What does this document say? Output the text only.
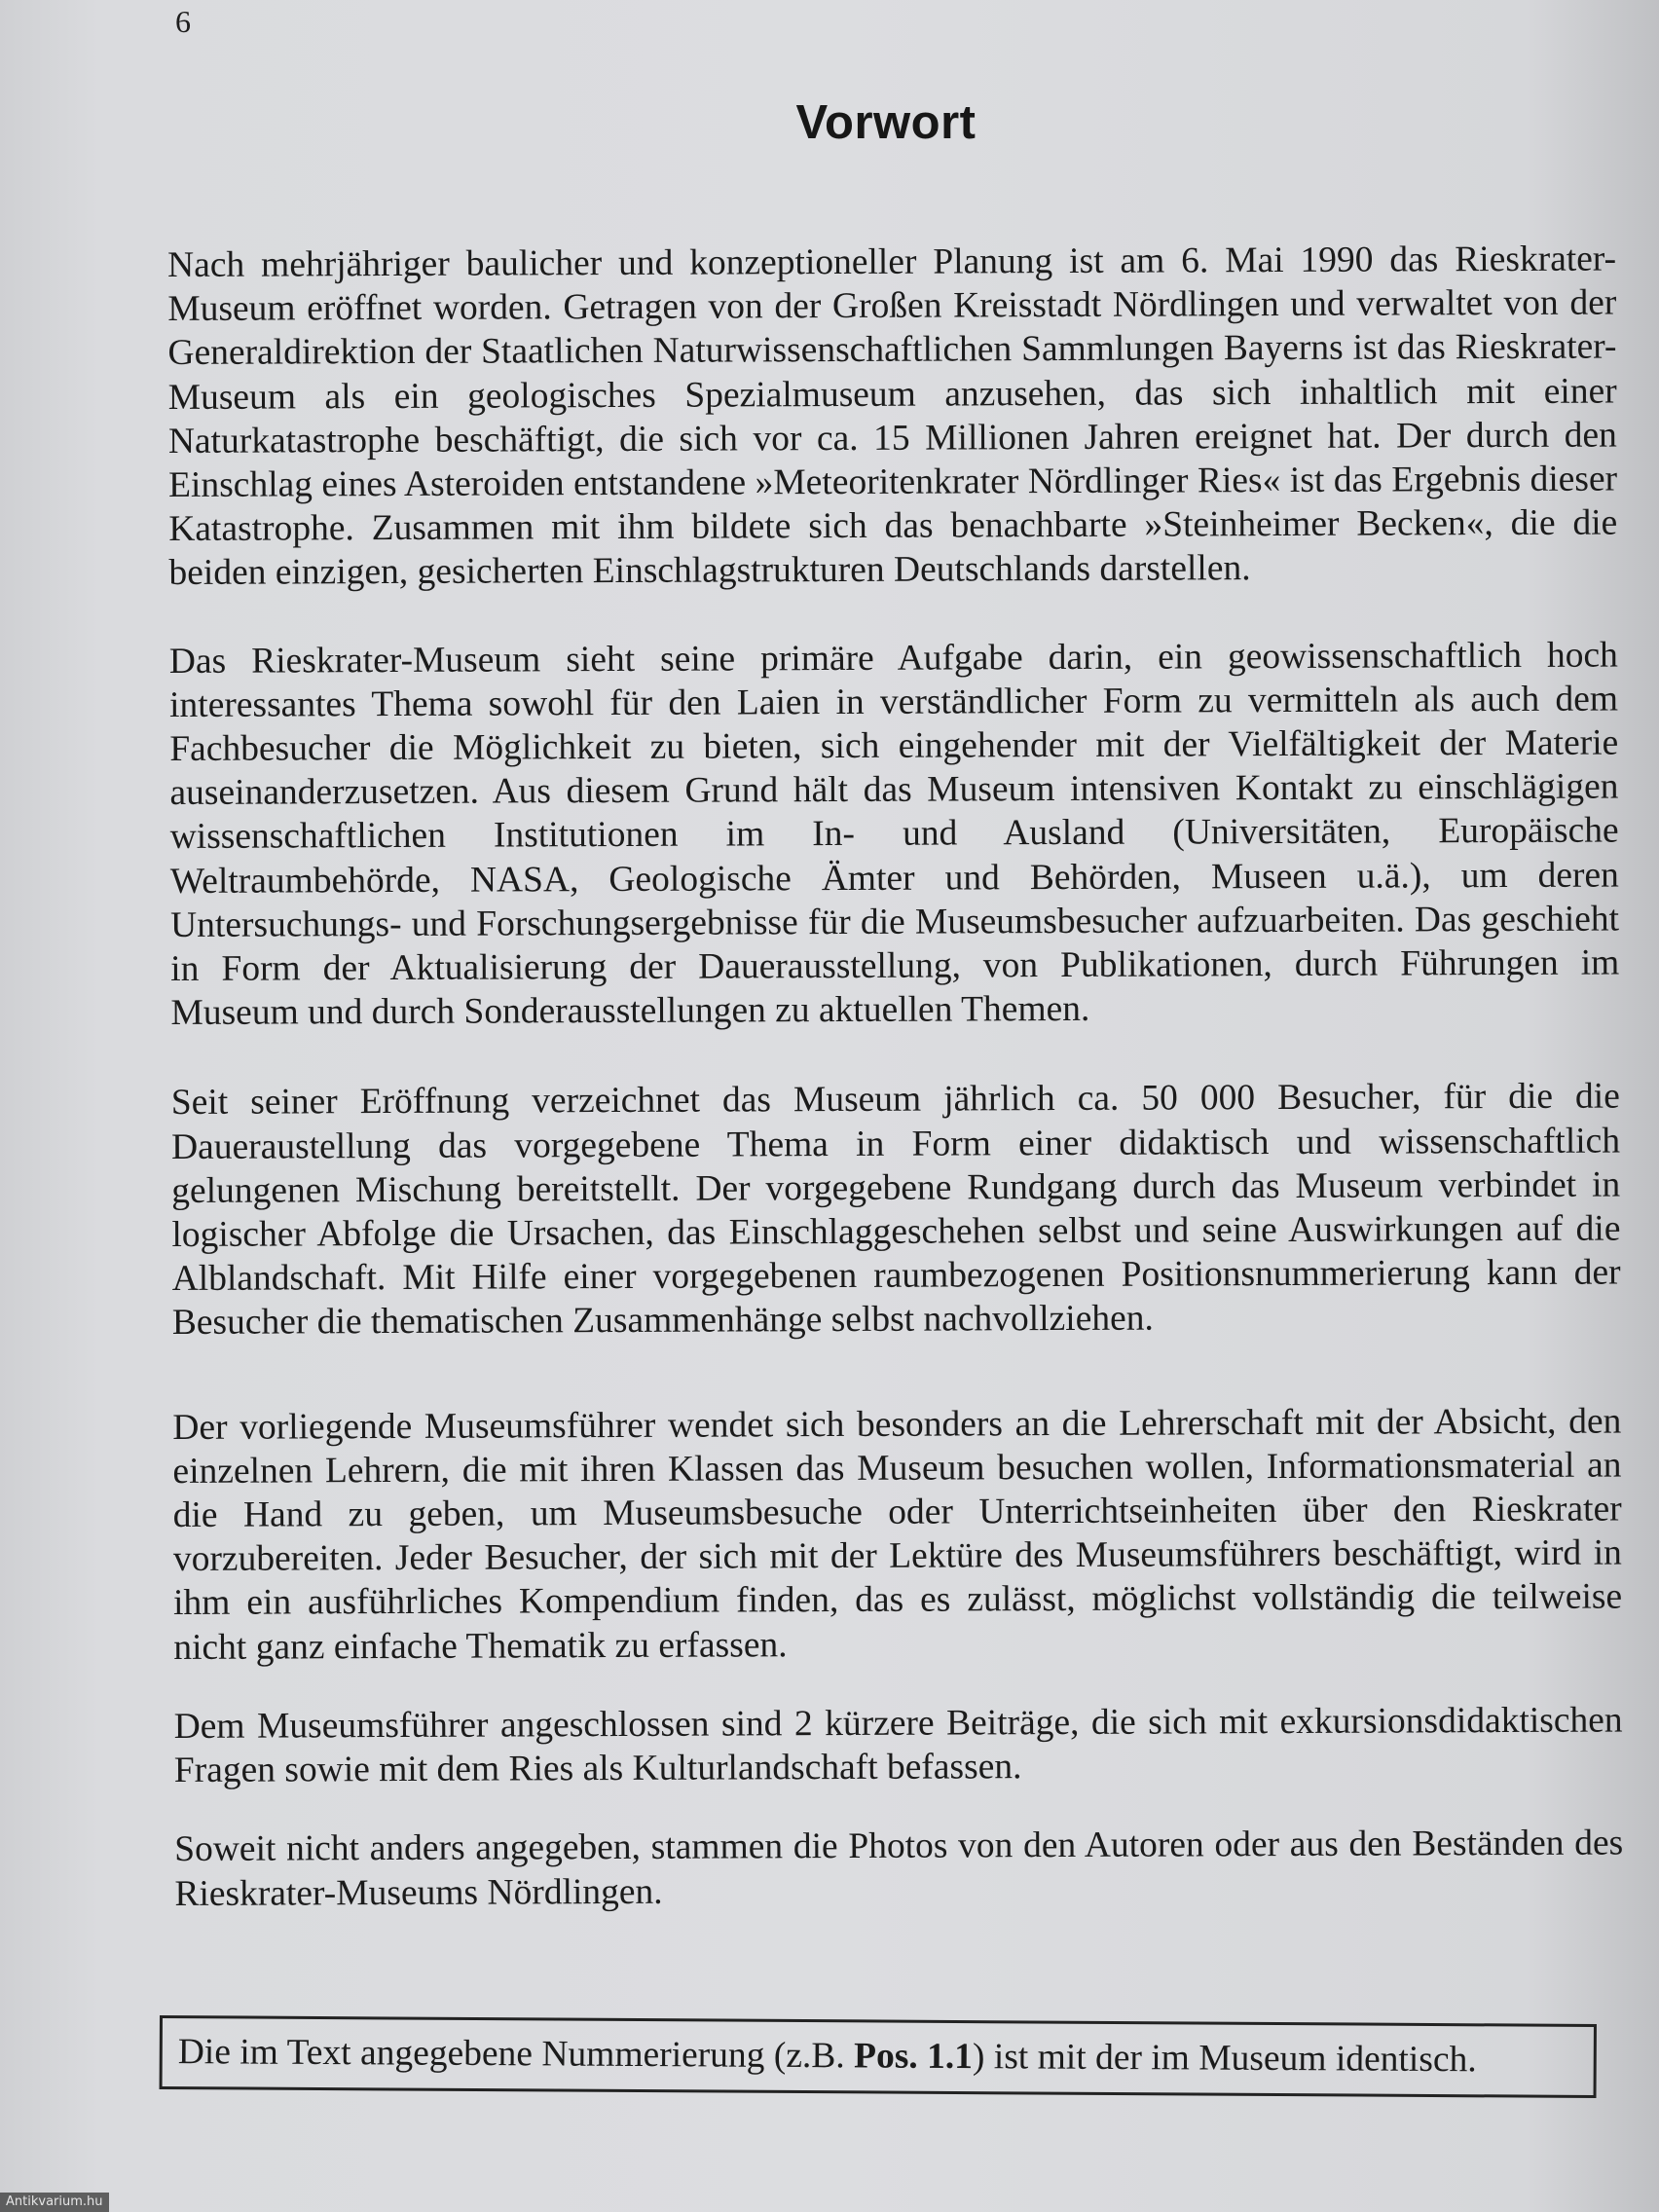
6
Vorwort

Nach mehrjähriger baulicher und konzeptioneller Planung ist am 6. Mai 1990 das Rieskrater-Museum eröffnet worden. Getragen von der Großen Kreisstadt Nördlingen und verwaltet von der Generaldirektion der Staatlichen Naturwissenschaftlichen Sammlungen Bayerns ist das Rieskrater-Museum als ein geologisches Spezialmuseum anzusehen, das sich inhaltlich mit einer Naturkatastrophe beschäftigt, die sich vor ca. 15 Millionen Jahren ereignet hat. Der durch den Einschlag eines Asteroiden entstandene »Meteoritenkrater Nördlinger Ries« ist das Ergebnis dieser Katastrophe. Zusammen mit ihm bildete sich das benachbarte »Steinheimer Becken«, die die beiden einzigen, gesicherten Einschlagstrukturen Deutschlands darstellen.

Das Rieskrater-Museum sieht seine primäre Aufgabe darin, ein geowissenschaftlich hoch interessantes Thema sowohl für den Laien in verständlicher Form zu vermitteln als auch dem Fachbesucher die Möglichkeit zu bieten, sich eingehender mit der Vielfältigkeit der Materie auseinanderzusetzen. Aus diesem Grund hält das Museum intensiven Kontakt zu einschlägigen wissenschaftlichen Institutionen im In- und Ausland (Universitäten, Europäische Weltraumbehörde, NASA, Geologische Ämter und Behörden, Museen u.ä.), um deren Untersuchungs- und Forschungsergebnisse für die Museumsbesucher aufzuarbeiten. Das geschieht in Form der Aktualisierung der Dauerausstellung, von Publikationen, durch Führungen im Museum und durch Sonderausstellungen zu aktuellen Themen.

Seit seiner Eröffnung verzeichnet das Museum jährlich ca. 50 000 Besucher, für die die Daueraustellung das vorgegebene Thema in Form einer didaktisch und wissenschaftlich gelungenen Mischung bereitstellt. Der vorgegebene Rundgang durch das Museum verbindet in logischer Abfolge die Ursachen, das Einschlaggeschehen selbst und seine Auswirkungen auf die Alblandschaft. Mit Hilfe einer vorgegebenen raumbezogenen Positionsnummerierung kann der Besucher die thematischen Zusammenhänge selbst nachvollziehen.

Der vorliegende Museumsführer wendet sich besonders an die Lehrerschaft mit der Absicht, den einzelnen Lehrern, die mit ihren Klassen das Museum besuchen wollen, Informationsmaterial an die Hand zu geben, um Museumsbesuche oder Unterrichtseinheiten über den Rieskrater vorzubereiten. Jeder Besucher, der sich mit der Lektüre des Museumsführers beschäftigt, wird in ihm ein ausführliches Kompendium finden, das es zulässt, möglichst vollständig die teilweise nicht ganz einfache Thematik zu erfassen.

Dem Museumsführer angeschlossen sind 2 kürzere Beiträge, die sich mit exkursionsdidaktischen Fragen sowie mit dem Ries als Kulturlandschaft befassen.

Soweit nicht anders angegeben, stammen die Photos von den Autoren oder aus den Beständen des Rieskrater-Museums Nördlingen.

Die im Text angegebene Nummerierung (z.B. Pos. 1.1) ist mit der im Museum identisch.
Antikvarium.hu
